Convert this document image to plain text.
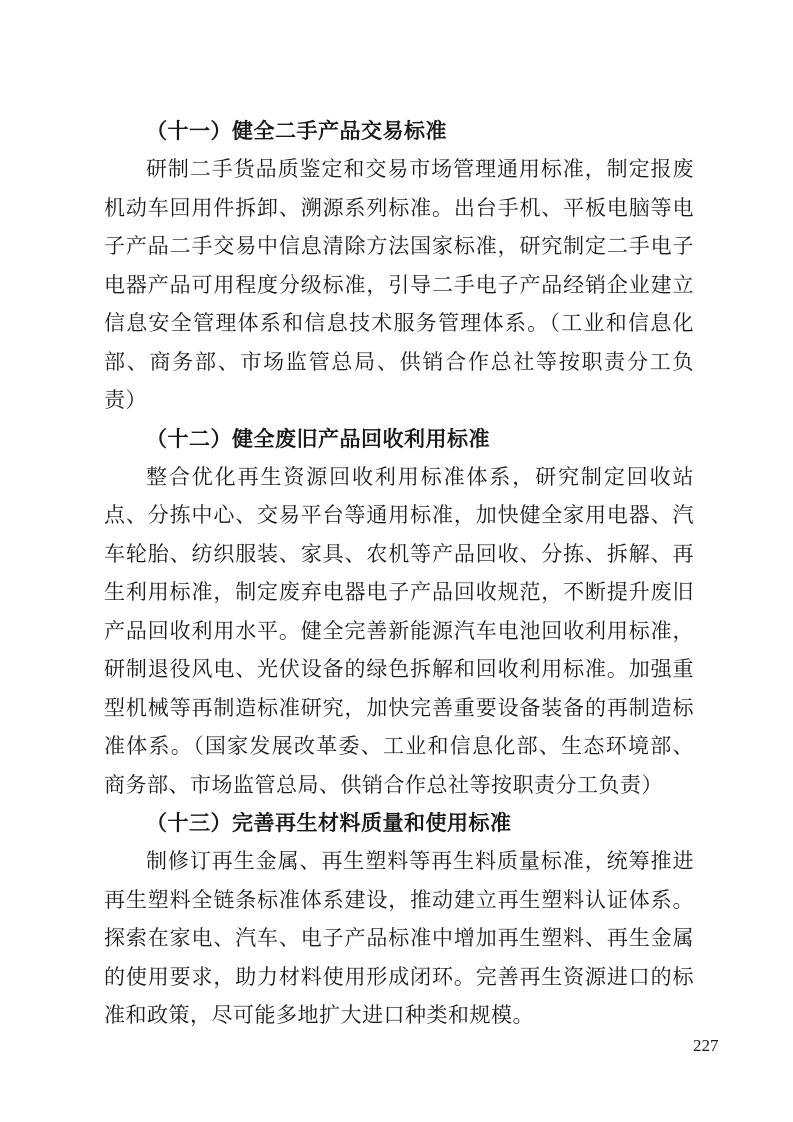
（十一）健全二手产品交易标准

研制二手货品质鉴定和交易市场管理通用标准，制定报废机动车回用件拆卸、溯源系列标准。出台手机、平板电脑等电子产品二手交易中信息清除方法国家标准，研究制定二手电子电器产品可用程度分级标准，引导二手电子产品经销企业建立信息安全管理体系和信息技术服务管理体系。（工业和信息化部、商务部、市场监管总局、供销合作总社等按职责分工负责）

（十二）健全废旧产品回收利用标准

整合优化再生资源回收利用标准体系，研究制定回收站点、分拣中心、交易平台等通用标准，加快健全家用电器、汽车轮胎、纺织服装、家具、农机等产品回收、分拣、拆解、再生利用标准，制定废弃电器电子产品回收规范，不断提升废旧产品回收利用水平。健全完善新能源汽车电池回收利用标准，研制退役风电、光伏设备的绿色拆解和回收利用标准。加强重型机械等再制造标准研究，加快完善重要设备装备的再制造标准体系。（国家发展改革委、工业和信息化部、生态环境部、商务部、市场监管总局、供销合作总社等按职责分工负责）

（十三）完善再生材料质量和使用标准

制修订再生金属、再生塑料等再生料质量标准，统筹推进再生塑料全链条标准体系建设，推动建立再生塑料认证体系。探索在家电、汽车、电子产品标准中增加再生塑料、再生金属的使用要求，助力材料使用形成闭环。完善再生资源进口的标准和政策，尽可能多地扩大进口种类和规模。

227
